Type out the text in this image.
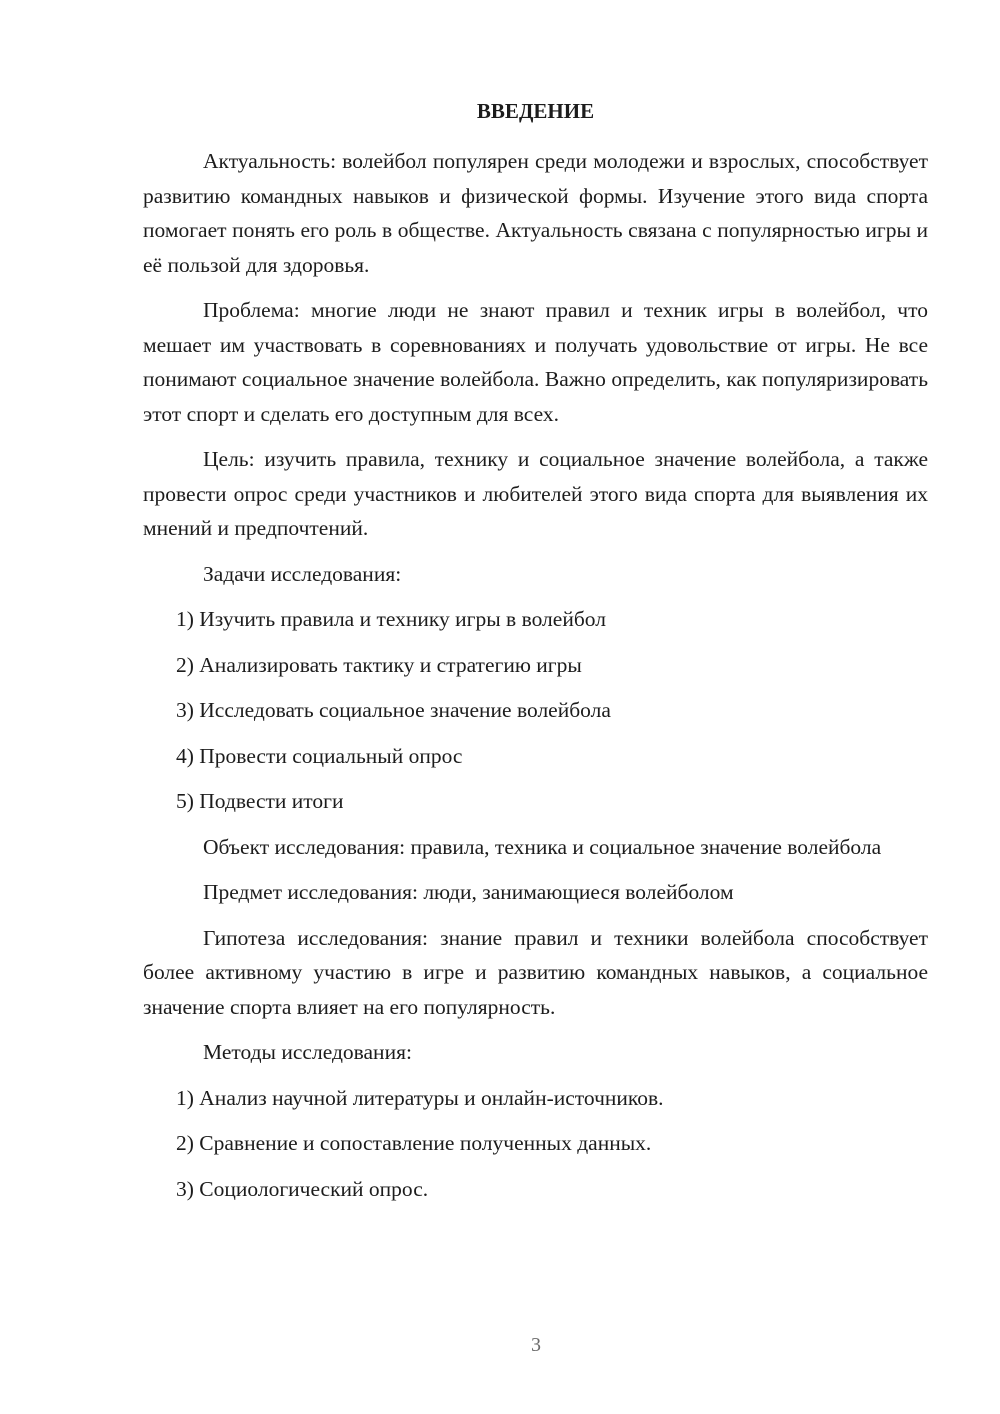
ВВЕДЕНИЕ

Актуальность: волейбол популярен среди молодежи и взрослых, способствует развитию командных навыков и физической формы. Изучение этого вида спорта помогает понять его роль в обществе. Актуальность связана с популярностью игры и её пользой для здоровья.

Проблема: многие люди не знают правил и техник игры в волейбол, что мешает им участвовать в соревнованиях и получать удовольствие от игры. Не все понимают социальное значение волейбола. Важно определить, как популяризировать этот спорт и сделать его доступным для всех.

Цель: изучить правила, технику и социальное значение волейбола, а также провести опрос среди участников и любителей этого вида спорта для выявления их мнений и предпочтений.

Задачи исследования:

1) Изучить правила и технику игры в волейбол

2) Анализировать тактику и стратегию игры

3) Исследовать социальное значение волейбола

4) Провести социальный опрос

5) Подвести итоги

Объект исследования: правила, техника и социальное значение волейбола

Предмет исследования: люди, занимающиеся волейболом

Гипотеза исследования: знание правил и техники волейбола способствует более активному участию в игре и развитию командных навыков, а социальное значение спорта влияет на его популярность.

Методы исследования:

1) Анализ научной литературы и онлайн-источников.

2) Сравнение и сопоставление полученных данных.

3) Социологический опрос.

3
